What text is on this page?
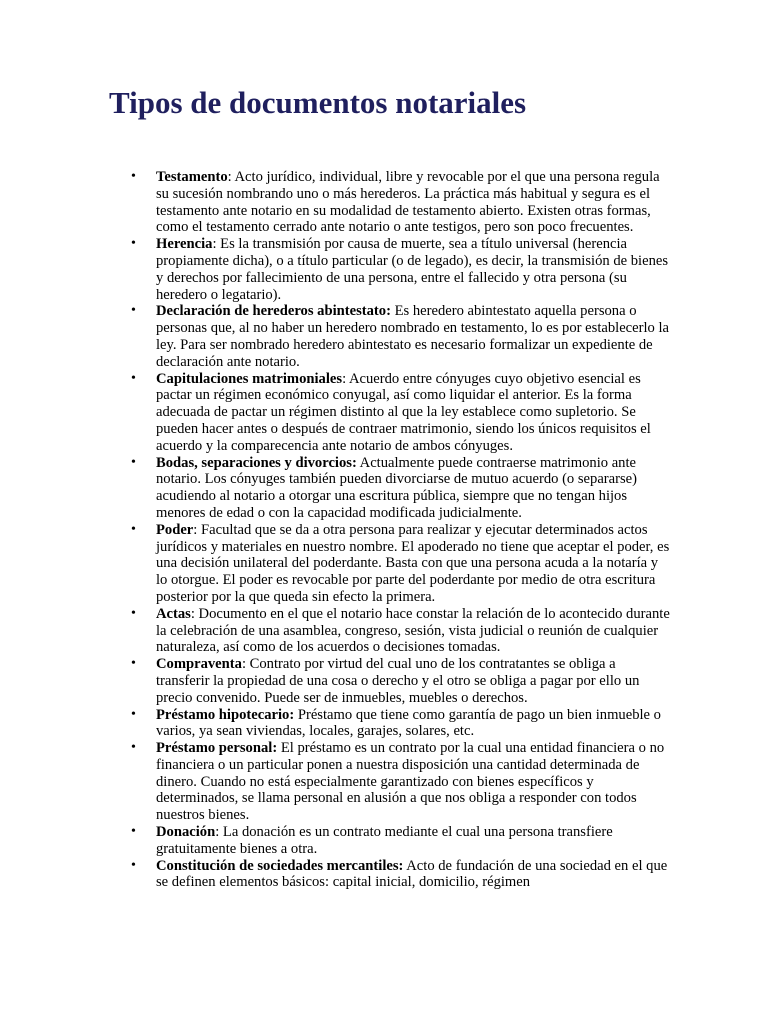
Tipos de documentos notariales
• Testamento: Acto jurídico, individual, libre y revocable por el que una persona regula su sucesión nombrando uno o más herederos. La práctica más habitual y segura es el testamento ante notario en su modalidad de testamento abierto. Existen otras formas, como el testamento cerrado ante notario o ante testigos, pero son poco frecuentes.
• Herencia: Es la transmisión por causa de muerte, sea a título universal (herencia propiamente dicha), o a título particular (o de legado), es decir, la transmisión de bienes y derechos por fallecimiento de una persona, entre el fallecido y otra persona (su heredero o legatario).
• Declaración de herederos abintestato: Es heredero abintestato aquella persona o personas que, al no haber un heredero nombrado en testamento, lo es por establecerlo la ley. Para ser nombrado heredero abintestato es necesario formalizar un expediente de declaración ante notario.
• Capitulaciones matrimoniales: Acuerdo entre cónyuges cuyo objetivo esencial es pactar un régimen económico conyugal, así como liquidar el anterior. Es la forma adecuada de pactar un régimen distinto al que la ley establece como supletorio. Se pueden hacer antes o después de contraer matrimonio, siendo los únicos requisitos el acuerdo y la comparecencia ante notario de ambos cónyuges.
• Bodas, separaciones y divorcios: Actualmente puede contraerse matrimonio ante notario. Los cónyuges también pueden divorciarse de mutuo acuerdo (o separarse) acudiendo al notario a otorgar una escritura pública, siempre que no tengan hijos menores de edad o con la capacidad modificada judicialmente.
• Poder: Facultad que se da a otra persona para realizar y ejecutar determinados actos jurídicos y materiales en nuestro nombre. El apoderado no tiene que aceptar el poder, es una decisión unilateral del poderdante. Basta con que una persona acuda a la notaría y lo otorgue. El poder es revocable por parte del poderdante por medio de otra escritura posterior por la que queda sin efecto la primera.
• Actas: Documento en el que el notario hace constar la relación de lo acontecido durante la celebración de una asamblea, congreso, sesión, vista judicial o reunión de cualquier naturaleza, así como de los acuerdos o decisiones tomadas.
• Compraventa: Contrato por virtud del cual uno de los contratantes se obliga a transferir la propiedad de una cosa o derecho y el otro se obliga a pagar por ello un precio convenido. Puede ser de inmuebles, muebles o derechos.
• Préstamo hipotecario: Préstamo que tiene como garantía de pago un bien inmueble o varios, ya sean viviendas, locales, garajes, solares, etc.
• Préstamo personal: El préstamo es un contrato por la cual una entidad financiera o no financiera o un particular ponen a nuestra disposición una cantidad determinada de dinero. Cuando no está especialmente garantizado con bienes específicos y determinados, se llama personal en alusión a que nos obliga a responder con todos nuestros bienes.
• Donación: La donación es un contrato mediante el cual una persona transfiere gratuitamente bienes a otra.
• Constitución de sociedades mercantiles: Acto de fundación de una sociedad en el que se definen elementos básicos: capital inicial, domicilio, régimen
